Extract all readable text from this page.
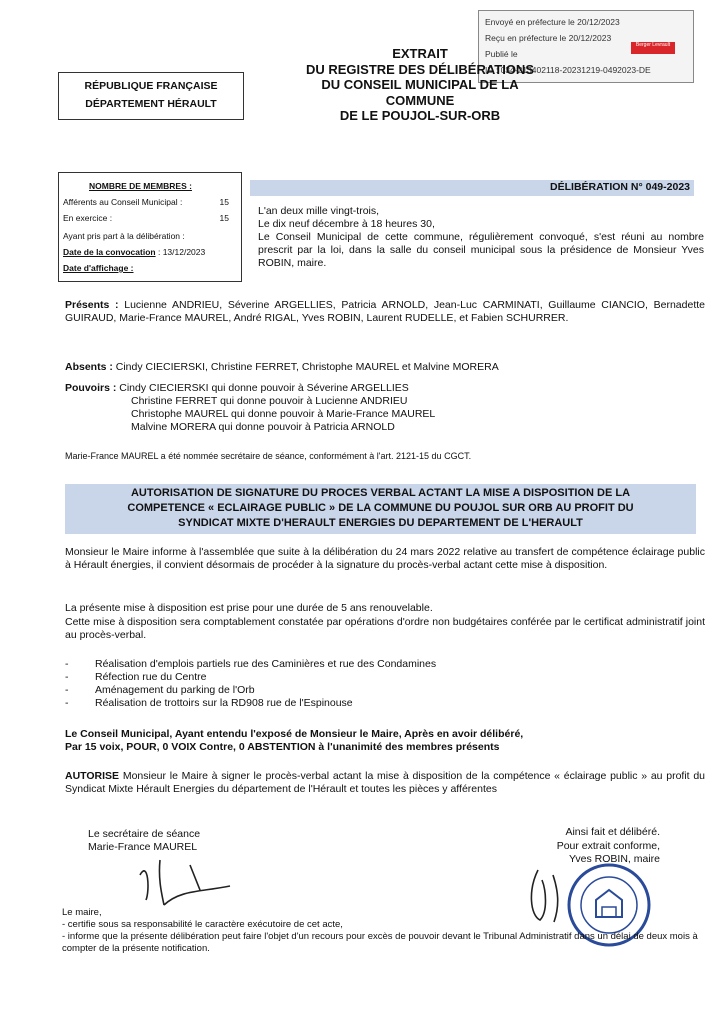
Envoyé en préfecture le 20/12/2023
Reçu en préfecture le 20/12/2023
Publié le
ID : 034-213402118-20231219-0492023-DE
Berger Levrault
EXTRAIT
DU REGISTRE DES DÉLIBÉRATIONS
DU CONSEIL MUNICIPAL DE LA
COMMUNE
DE LE POUJOL-SUR-ORB
RÉPUBLIQUE FRANÇAISE
DÉPARTEMENT HÉRAULT
NOMBRE DE MEMBRES :
Afférents au Conseil Municipal :	15
En exercice :	15
Ayant pris part à la délibération :
Date de la convocation : 13/12/2023
Date d'affichage :
DÉLIBÉRATION N° 049-2023
L'an deux mille vingt-trois,
Le dix neuf décembre à 18 heures 30,
Le Conseil Municipal de cette commune, régulièrement convoqué, s'est réuni au nombre prescrit par la loi, dans la salle du conseil municipal sous la présidence de Monsieur Yves ROBIN, maire.
Présents : Lucienne ANDRIEU, Séverine ARGELLIES, Patricia ARNOLD, Jean-Luc CARMINATI, Guillaume CIANCIO, Bernadette GUIRAUD, Marie-France MAUREL, André RIGAL, Yves ROBIN, Laurent RUDELLE, et Fabien SCHURRER.
Absents : Cindy CIECIERSKI, Christine FERRET, Christophe MAUREL et Malvine MORERA
Pouvoirs : Cindy CIECIERSKI qui donne pouvoir à Séverine ARGELLIES
Christine FERRET qui donne pouvoir à Lucienne ANDRIEU
Christophe MAUREL qui donne pouvoir à Marie-France MAUREL
Malvine MORERA qui donne pouvoir à Patricia ARNOLD
Marie-France MAUREL a été nommée secrétaire de séance, conformément à l'art. 2121-15 du CGCT.
AUTORISATION DE SIGNATURE DU PROCES VERBAL ACTANT LA MISE A DISPOSITION DE LA
COMPETENCE « ECLAIRAGE PUBLIC » DE LA COMMUNE DU POUJOL SUR ORB AU PROFIT DU
SYNDICAT MIXTE D'HERAULT ENERGIES DU DEPARTEMENT DE L'HERAULT
Monsieur le Maire informe à l'assemblée que suite à la délibération du 24 mars 2022 relative au transfert de compétence éclairage public à Hérault énergies, il convient désormais de procéder à la signature du procès-verbal actant cette mise à disposition.
La présente mise à disposition est prise pour une durée de 5 ans renouvelable.
Cette mise à disposition sera comptablement constatée par opérations d'ordre non budgétaires conférée par le certificat administratif joint au procès-verbal.
- Réalisation d'emplois partiels rue des Caminières et rue des Condamines
- Réfection rue du Centre
- Aménagement du parking de l'Orb
- Réalisation de trottoirs sur la RD908 rue de l'Espinouse
Le Conseil Municipal, Ayant entendu l'exposé de Monsieur le Maire, Après en avoir délibéré,
Par 15 voix, POUR, 0 VOIX Contre, 0 ABSTENTION à l'unanimité des membres présents
AUTORISE Monsieur le Maire à signer le procès-verbal actant la mise à disposition de la compétence « éclairage public » au profit du Syndicat Mixte Hérault Energies du département de l'Hérault et toutes les pièces y afférentes
Le secrétaire de séance
Marie-France MAUREL
Ainsi fait et délibéré.
Pour extrait conforme,
Yves ROBIN, maire
Le maire,
- certifie sous sa responsabilité le caractère exécutoire de cet acte,
- informe que la présente délibération peut faire l'objet d'un recours pour excès de pouvoir devant le Tribunal Administratif dans un délai de deux mois à compter de la présente notification.
